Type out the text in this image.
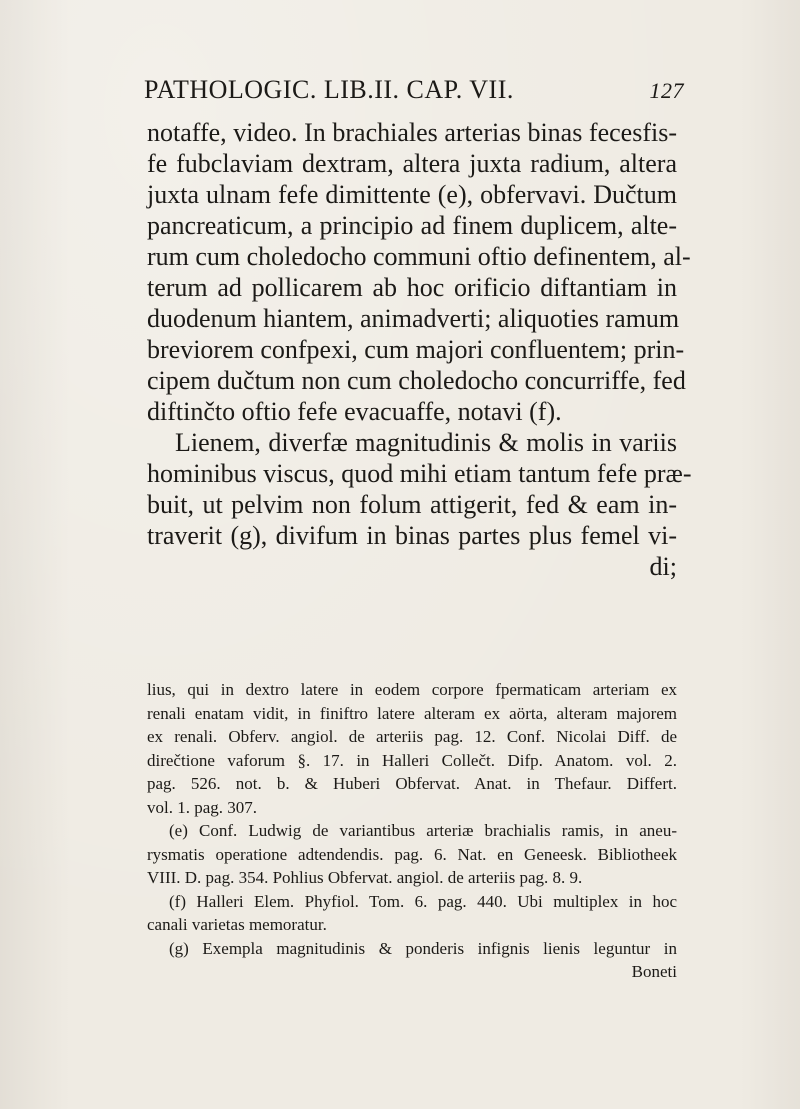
PATHOLOGIC. LIB.II. CAP. VII.	127
notaffe, video. In brachiales arterias binas fecesfis-
fe fubclaviam dextram, altera juxta radium, altera
juxta ulnam fefe dimittente (e), obfervavi. Dučtum
pancreaticum, a principio ad finem duplicem, alte-
rum cum choledocho communi oftio definentem, al-
terum ad pollicarem ab hoc orificio diftantiam in
duodenum hiantem, animadverti; aliquoties ramum
breviorem confpexi, cum majori confluentem; prin-
cipem dučtum non cum choledocho concurriffe, fed
diftinčto oftio fefe evacuaffe, notavi (f).
Lienem, diverfæ magnitudinis & molis in variis
hominibus viscus, quod mihi etiam tantum fefe præ-
buit, ut pelvim non folum attigerit, fed & eam in-
traverit (g), divifum in binas partes plus femel vi-
di;
lius, qui in dextro latere in eodem corpore fpermaticam arteriam ex
renali enatam vidit, in finiftro latere alteram ex aörta, alteram majorem
ex renali. Obferv. angiol. de arteriis pag. 12. Conf. Nicolai Diff. de
direčtione vaforum §. 17. in Halleri Collečt. Difp. Anatom. vol. 2.
pag. 526. not. b. & Huberi Obfervat. Anat. in Thefaur. Differt.
vol. 1. pag. 307.
(e) Conf. Ludwig de variantibus arteriæ brachialis ramis, in aneu-
rysmatis operatione adtendendis. pag. 6. Nat. en Geneesk. Bibliotheek
VIII. D. pag. 354. Pohlius Obfervat. angiol. de arteriis pag. 8. 9.
(f) Halleri Elem. Phyfiol. Tom. 6. pag. 440. Ubi multiplex in hoc
canali varietas memoratur.
(g) Exempla magnitudinis & ponderis infignis lienis leguntur in
Boneti
